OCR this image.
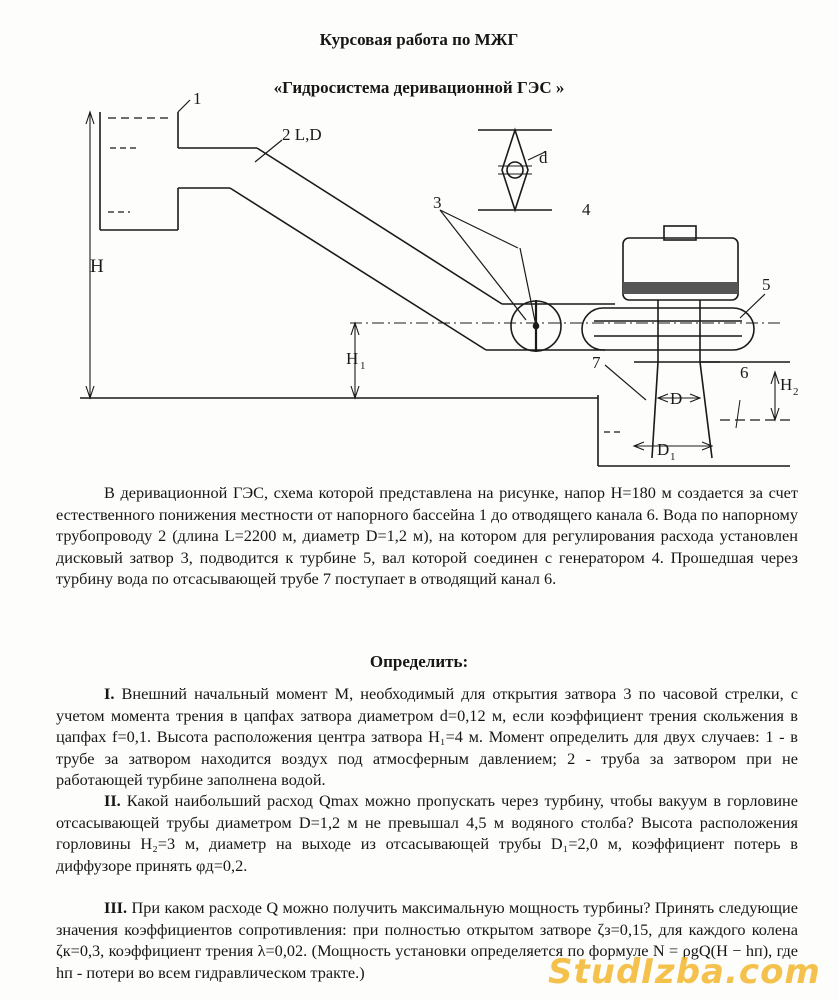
Курсовая работа по МЖГ
«Гидросистема деривационной ГЭС »
1
2 L,D
3	4
5
6
7
d
H
H 1
H 2
D
D 1
В деривационной ГЭС, схема которой представлена на рисунке, напор H=180 м создается за счет естественного понижения местности от напорного бассейна 1 до отводящего канала 6. Вода по напорному трубопроводу 2 (длина L=2200 м, диаметр D=1,2 м), на котором для регулирования расхода установлен дисковый затвор 3, подводится к турбине 5, вал которой соединен с генератором 4. Прошедшая через турбину вода по отсасывающей трубе 7 поступает в отводящий канал 6.
Определить:
I. Внешний начальный момент M, необходимый для открытия затвора 3 по часовой стрелки, с учетом момента трения в цапфах затвора диаметром d=0,12 м, если коэффициент трения скольжения в цапфах f=0,1. Высота расположения центра затвора H₁=4 м. Момент определить для двух случаев: 1 - в трубе за затвором находится воздух под атмосферным давлением; 2 - труба за затвором при не работающей турбине заполнена водой.
II. Какой наибольший расход Qmax можно пропускать через турбину, чтобы вакуум в горловине отсасывающей трубы диаметром D=1,2 м не превышал 4,5 м водяного столба? Высота расположения горловины H₂=3 м, диаметр на выходе из отсасывающей трубы D₁=2,0 м, коэффициент потерь в диффузоре принять φд=0,2.
III. При каком расходе Q можно получить максимальную мощность турбины? Принять следующие значения коэффициентов сопротивления: при полностью открытом затворе ζз=0,15, для каждого колена ζк=0,3, коэффициент трения λ=0,02. (Мощность установки определяется по формуле N = ρgQ(H − hп), где hп - потери во всем гидравлическом тракте.)	StudIzba.com
